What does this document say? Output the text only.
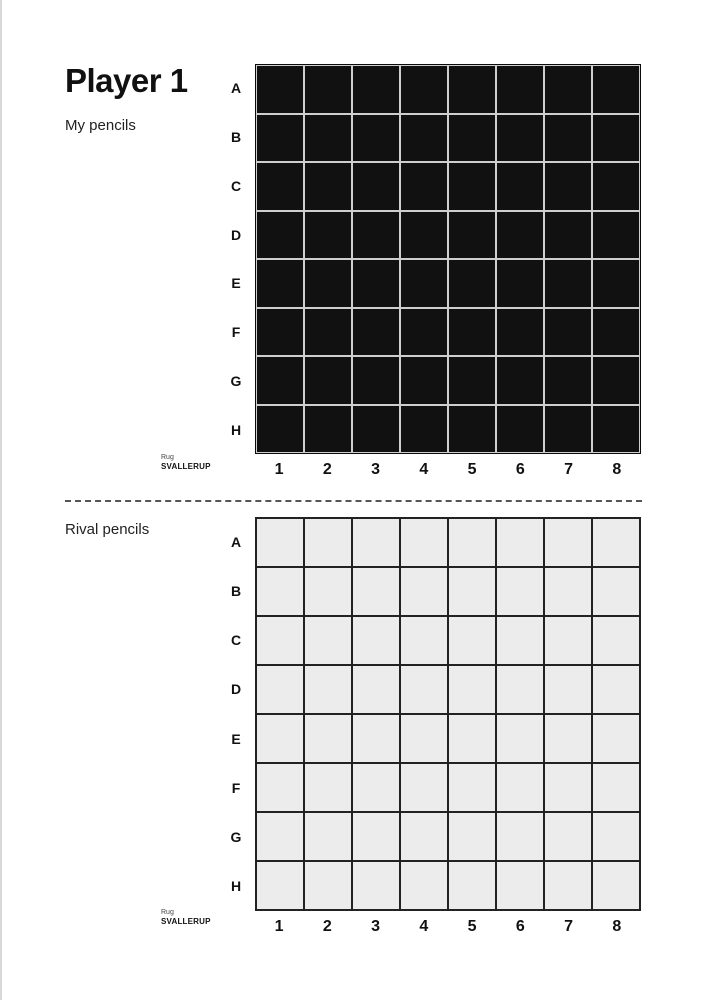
Player 1
My pencils
A
B
C
D
E
F
G
H
Rug
SVALLERUP	1	2	3	4	5	6	7	8
Rival pencils
A
B
C
D
E
F
G
H
Rug
SVALLERUP	1	2	3	4	5	6	7	8
